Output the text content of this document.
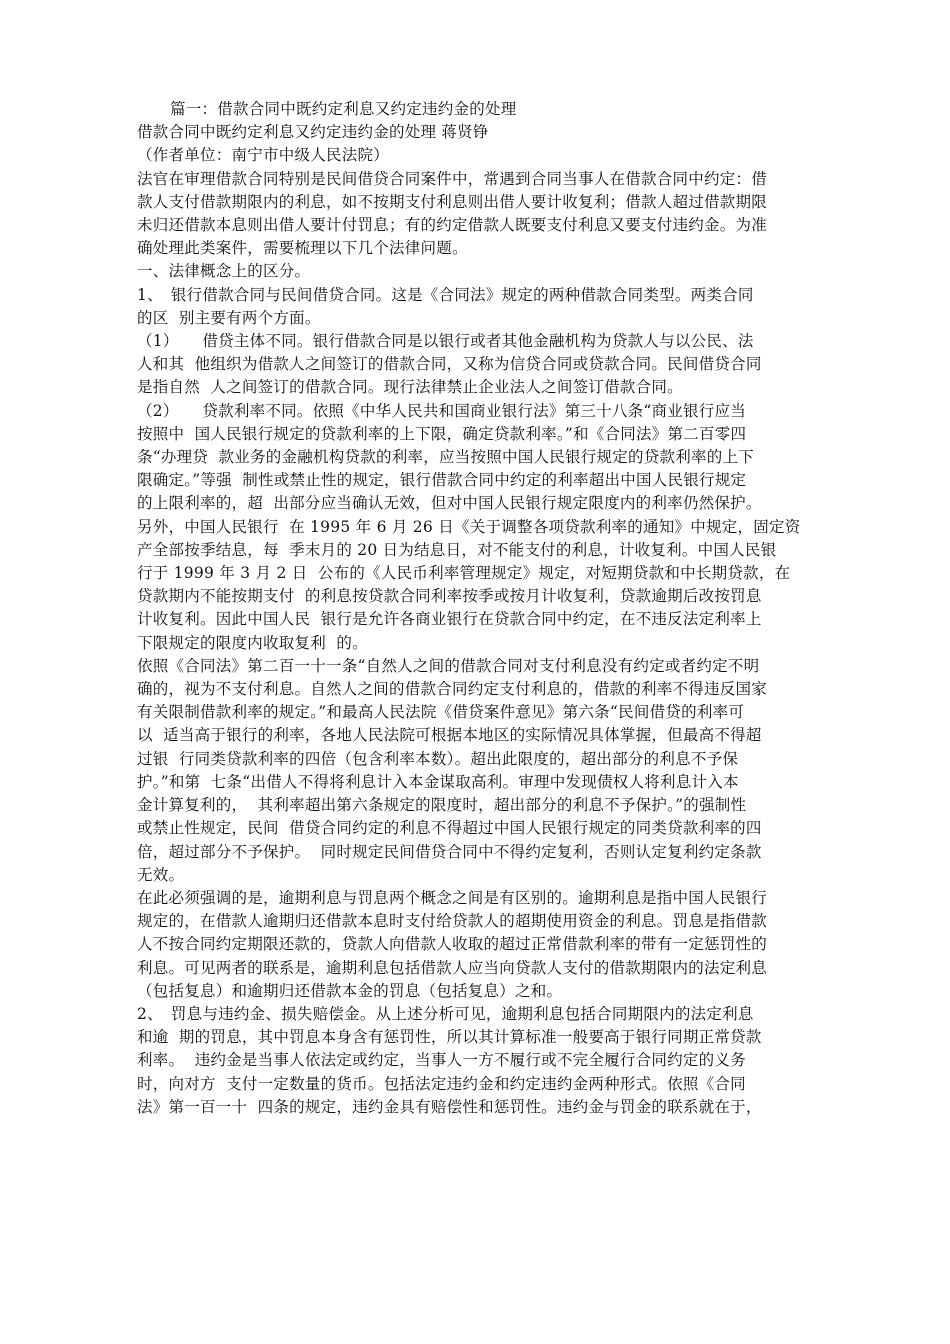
篇一：借款合同中既约定利息又约定违约金的处理

借款合同中既约定利息又约定违约金的处理 蒋贤铮

（作者单位：南宁市中级人民法院）

法官在审理借款合同特别是民间借贷合同案件中，常遇到合同当事人在借款合同中约定：借

款人支付借款期限内的利息，如不按期支付利息则出借人要计收复利；借款人超过借款期限

未归还借款本息则出借人要计付罚息；有的约定借款人既要支付利息又要支付违约金。为准

确处理此类案件，需要梳理以下几个法律问题。

一、法律概念上的区分。

1、　银行借款合同与民间借贷合同。这是《合同法》规定的两种借款合同类型。两类合同

的区  别主要有两个方面。

（1）　　借贷主体不同。银行借款合同是以银行或者其他金融机构为贷款人与以公民、法

人和其  他组织为借款人之间签订的借款合同，又称为信贷合同或贷款合同。民间借贷合同

是指自然  人之间签订的借款合同。现行法律禁止企业法人之间签订借款合同。

（2）　　贷款利率不同。依照《中华人民共和国商业银行法》第三十八条“商业银行应当

按照中  国人民银行规定的贷款利率的上下限，确定贷款利率。”和《合同法》第二百零四

条“办理贷  款业务的金融机构贷款的利率，应当按照中国人民银行规定的贷款利率的上下

限确定。”等强  制性或禁止性的规定，银行借款合同中约定的利率超出中国人民银行规定

的上限利率的，超  出部分应当确认无效，但对中国人民银行规定限度内的利率仍然保护。

另外，中国人民银行  在 1995 年 6 月 26 日《关于调整各项贷款利率的通知》中规定，固定资

产全部按季结息，每  季末月的 20 日为结息日，对不能支付的利息，计收复利。中国人民银

行于 1999 年 3 月 2 日  公布的《人民币利率管理规定》规定，对短期贷款和中长期贷款，在

贷款期内不能按期支付  的利息按贷款合同利率按季或按月计收复利，贷款逾期后改按罚息

计收复利。因此中国人民  银行是允许各商业银行在贷款合同中约定，在不违反法定利率上

下限规定的限度内收取复利  的。

依照《合同法》第二百一十一条“自然人之间的借款合同对支付利息没有约定或者约定不明

确的，视为不支付利息。自然人之间的借款合同约定支付利息的，借款的利率不得违反国家

有关限制借款利率的规定。”和最高人民法院《借贷案件意见》第六条“民间借贷的利率可

以  适当高于银行的利率，各地人民法院可根据本地区的实际情况具体掌握，但最高不得超

过银  行同类贷款利率的四倍（包含利率本数）。超出此限度的，超出部分的利息不予保

护。”和第  七条“出借人不得将利息计入本金谋取高利。审理中发现债权人将利息计入本

金计算复利的，  其利率超出第六条规定的限度时，超出部分的利息不予保护。”的强制性

或禁止性规定，民间  借贷合同约定的利息不得超过中国人民银行规定的同类贷款利率的四

倍，超过部分不予保护。  同时规定民间借贷合同中不得约定复利，否则认定复利约定条款

无效。

在此必须强调的是，逾期利息与罚息两个概念之间是有区别的。逾期利息是指中国人民银行

规定的，在借款人逾期归还借款本息时支付给贷款人的超期使用资金的利息。罚息是指借款

人不按合同约定期限还款的，贷款人向借款人收取的超过正常借款利率的带有一定惩罚性的

利息。可见两者的联系是，逾期利息包括借款人应当向贷款人支付的借款期限内的法定利息

（包括复息）和逾期归还借款本金的罚息（包括复息）之和。

2、　罚息与违约金、损失赔偿金。从上述分析可见，逾期利息包括合同期限内的法定利息

和逾  期的罚息，其中罚息本身含有惩罚性，所以其计算标准一般要高于银行同期正常贷款

利率。  违约金是当事人依法定或约定，当事人一方不履行或不完全履行合同约定的义务

时，向对方  支付一定数量的货币。包括法定违约金和约定违约金两种形式。依照《合同

法》第一百一十  四条的规定，违约金具有赔偿性和惩罚性。违约金与罚金的联系就在于，
